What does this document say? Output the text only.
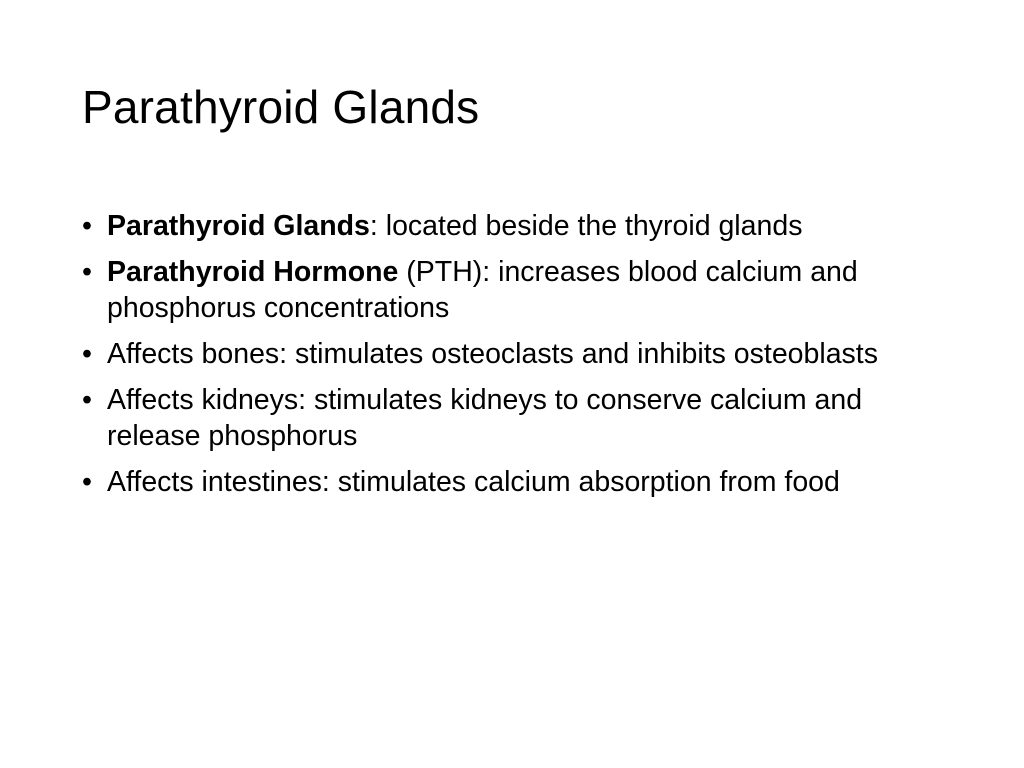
Parathyroid Glands
• Parathyroid Glands: located beside the thyroid glands
• Parathyroid Hormone (PTH): increases blood calcium and phosphorus concentrations
• Affects bones: stimulates osteoclasts and inhibits osteoblasts
• Affects kidneys: stimulates kidneys to conserve calcium and release phosphorus
• Affects intestines: stimulates calcium absorption from food
